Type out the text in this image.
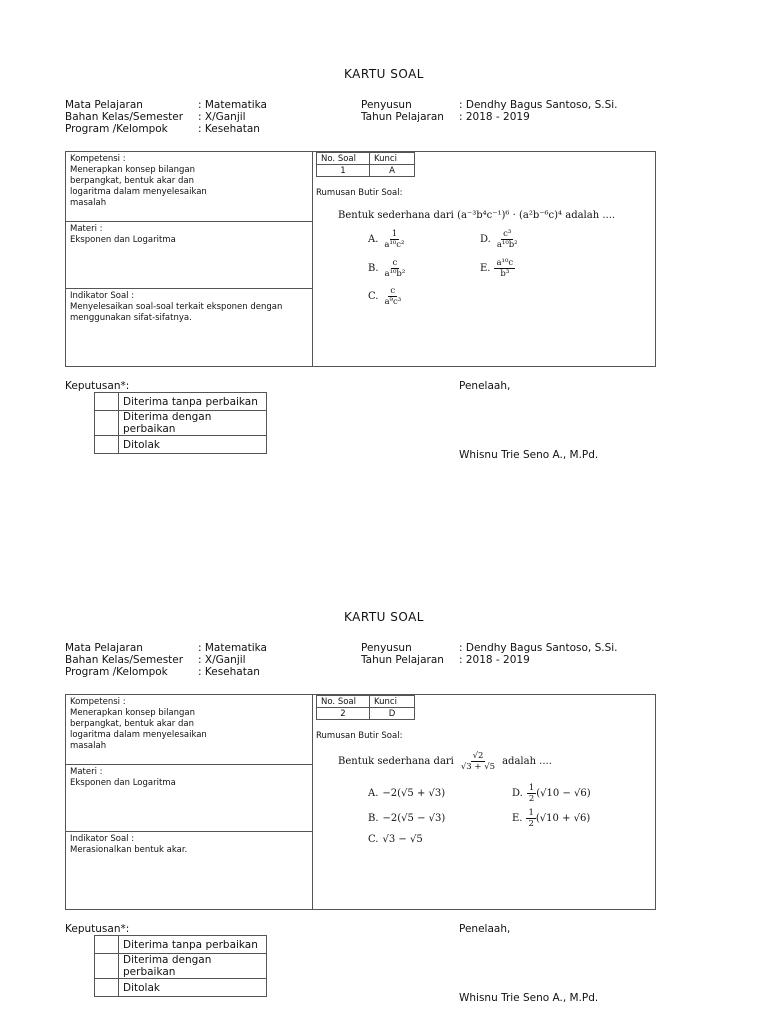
KARTU SOAL
Mata Pelajaran	: Matematika
Bahan Kelas/Semester : X/Ganjil
Program /Kelompok	: Kesehatan
Penyusun	: Dendhy Bagus Santoso, S.Si.
Tahun Pelajaran : 2018 - 2019
Kompetensi :
Menerapkan konsep bilangan
berpangkat, bentuk akar dan
logaritma dalam menyelesaikan
masalah
Materi :
Eksponen dan Logaritma
Indikator Soal :
Menyelesaikan soal-soal terkait eksponen dengan
menggunakan sifat-sifatnya.
No. Soal	Kunci
1	A
Rumusan Butir Soal:
Bentuk sederhana dari (a⁻³b⁴c⁻¹)⁶ · (a²b⁻⁶c)⁴ adalah ....
A. $\frac{1}{\text{a¹⁰c²}}$
B. $\frac{c}{\text{a¹⁰b²}}$
C. $\frac{c}{\text{a⁹c³}}$
D. $\frac{\text{c³}}{\text{a¹⁰b²}}$
E. $\frac{\text{a¹⁰c}}{\text{b³}}$
Keputusan*:
	Diterima tanpa perbaikan
	Diterima dengan perbaikan
	Ditolak
Penelaah,
Whisnu Trie Seno A., M.Pd.
KARTU SOAL
Mata Pelajaran	: Matematika
Bahan Kelas/Semester : X/Ganjil
Program /Kelompok	: Kesehatan
Penyusun	: Dendhy Bagus Santoso, S.Si.
Tahun Pelajaran : 2018 - 2019
Kompetensi :
Menerapkan konsep bilangan
berpangkat, bentuk akar dan
logaritma dalam menyelesaikan
masalah
Materi :
Eksponen dan Logaritma
Indikator Soal :
Merasionalkan bentuk akar.
No. Soal	Kunci
2	D
Rumusan Butir Soal:
Bentuk sederhana dari $\frac{√2}{√3 + √5}$ adalah ....
A. −2(√5 + √3)
B. −2(√5 − √3)
C. √3 − √5
D. $\frac{1}{2} (√10 - √6)$
E. $\frac{1}{2} (√10 + √6)$
Keputusan*:
	Diterima tanpa perbaikan
	Diterima dengan perbaikan
	Ditolak
Penelaah,
Whisnu Trie Seno A., M.Pd.
